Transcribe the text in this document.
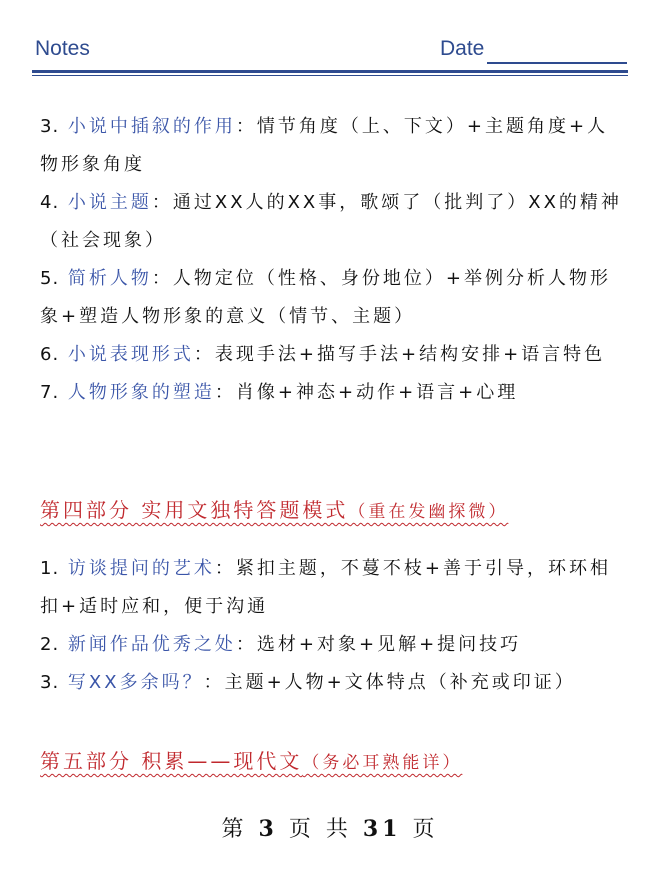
Notes	Date

3. 小说中插叙的作用：情节角度（上、下文）+主题角度+人物形象角度

4. 小说主题：通过XX人的XX事，歌颂了（批判了）XX的精神（社会现象）

5. 简析人物：人物定位（性格、身份地位）+举例分析人物形象+塑造人物形象的意义（情节、主题）

6. 小说表现形式：表现手法+描写手法+结构安排+语言特色

7. 人物形象的塑造：肖像+神态+动作+语言+心理

第四部分 实用文独特答题模式（重在发幽探微）

1. 访谈提问的艺术：紧扣主题，不蔓不枝+善于引导，环环相扣+适时应和，便于沟通

2. 新闻作品优秀之处：选材+对象+见解+提问技巧

3. 写XX多余吗？：主题+人物+文体特点（补充或印证）

第五部分 积累——现代文（务必耳熟能详）

第 3 页 共 31 页
